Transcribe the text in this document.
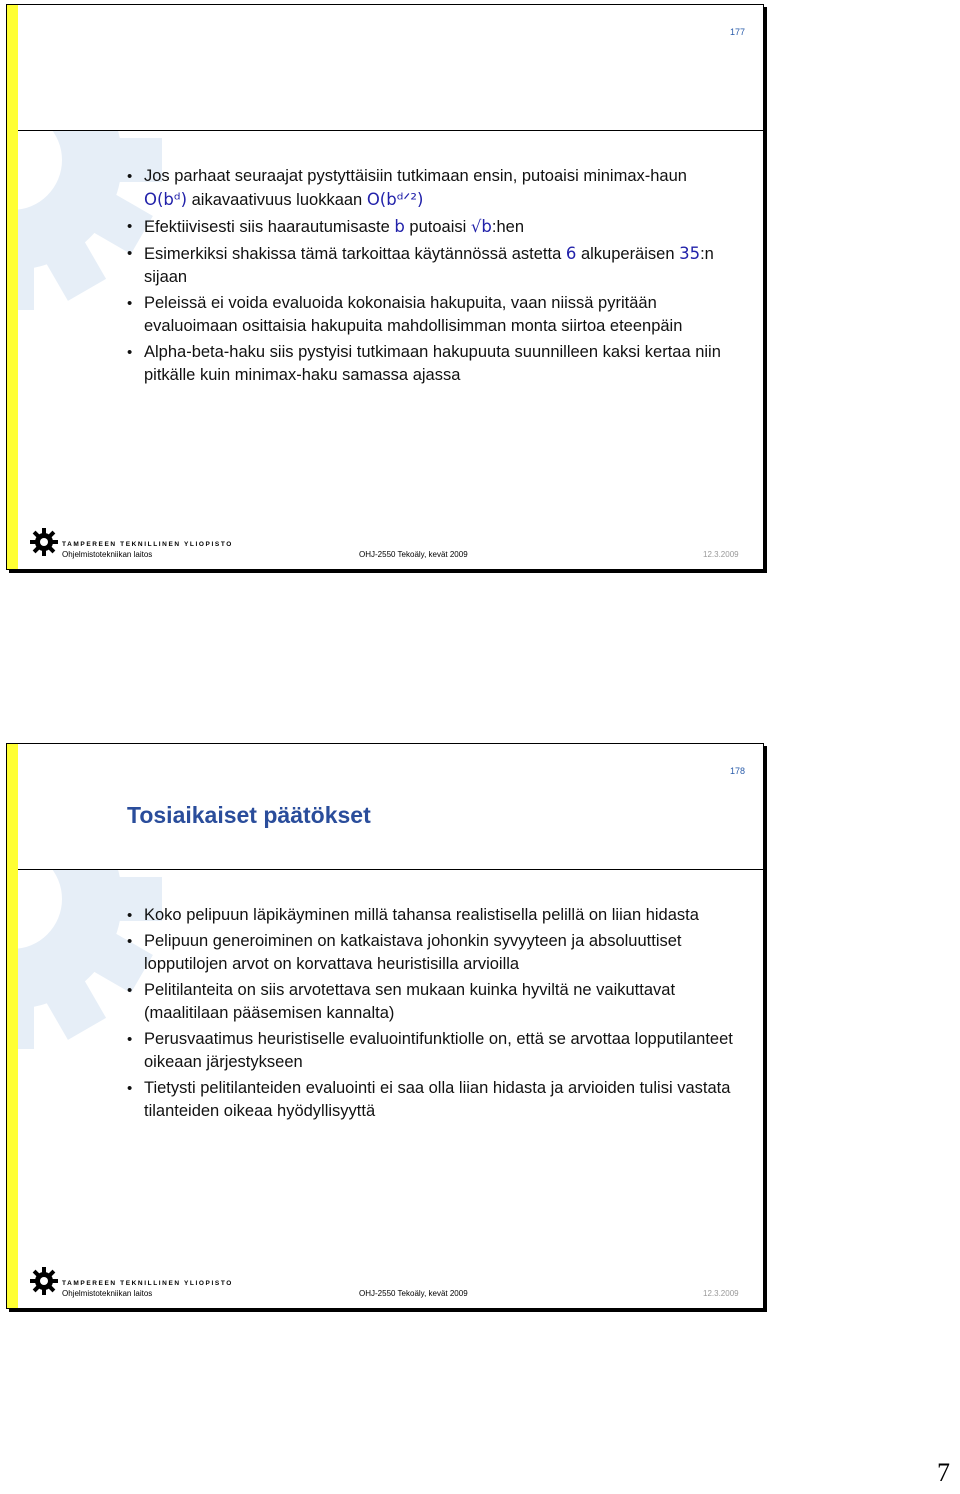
177
• Jos parhaat seuraajat pystyttäisiin tutkimaan ensin, putoaisi minimax-haun O(bᵈ) aikavaativuus luokkaan O(bᵈᐟ²)
• Efektiivisesti siis haarautumisaste b putoaisi √b:hen
• Esimerkiksi shakissa tämä tarkoittaa käytännössä astetta 6 alkuperäisen 35:n sijaan
• Peleissä ei voida evaluoida kokonaisia hakupuita, vaan niissä pyritään evaluoimaan osittaisia hakupuita mahdollisimman monta siirtoa eteenpäin
• Alpha-beta-haku siis pystyisi tutkimaan hakupuuta suunnilleen kaksi kertaa niin pitkälle kuin minimax-haku samassa ajassa
TAMPEREEN TEKNILLINEN YLIOPISTO
Ohjelmistotekniikan laitos	OHJ-2550 Tekoäly, kevät 2009	12.3.2009
178
Tosiaikaiset päätökset
• Koko pelipuun läpikäyminen millä tahansa realistisella pelillä on liian hidasta
• Pelipuun generoiminen on katkaistava johonkin syvyyteen ja absoluuttiset lopputilojen arvot on korvattava heuristisilla arvioilla
• Pelitilanteita on siis arvotettava sen mukaan kuinka hyviltä ne vaikuttavat (maalitilaan pääsemisen kannalta)
• Perusvaatimus heuristiselle evaluointifunktiolle on, että se arvottaa lopputilanteet oikeaan järjestykseen
• Tietysti pelitilanteiden evaluointi ei saa olla liian hidasta ja arvioiden tulisi vastata tilanteiden oikeaa hyödyllisyyttä
TAMPEREEN TEKNILLINEN YLIOPISTO
Ohjelmistotekniikan laitos	OHJ-2550 Tekoäly, kevät 2009	12.3.2009
7
